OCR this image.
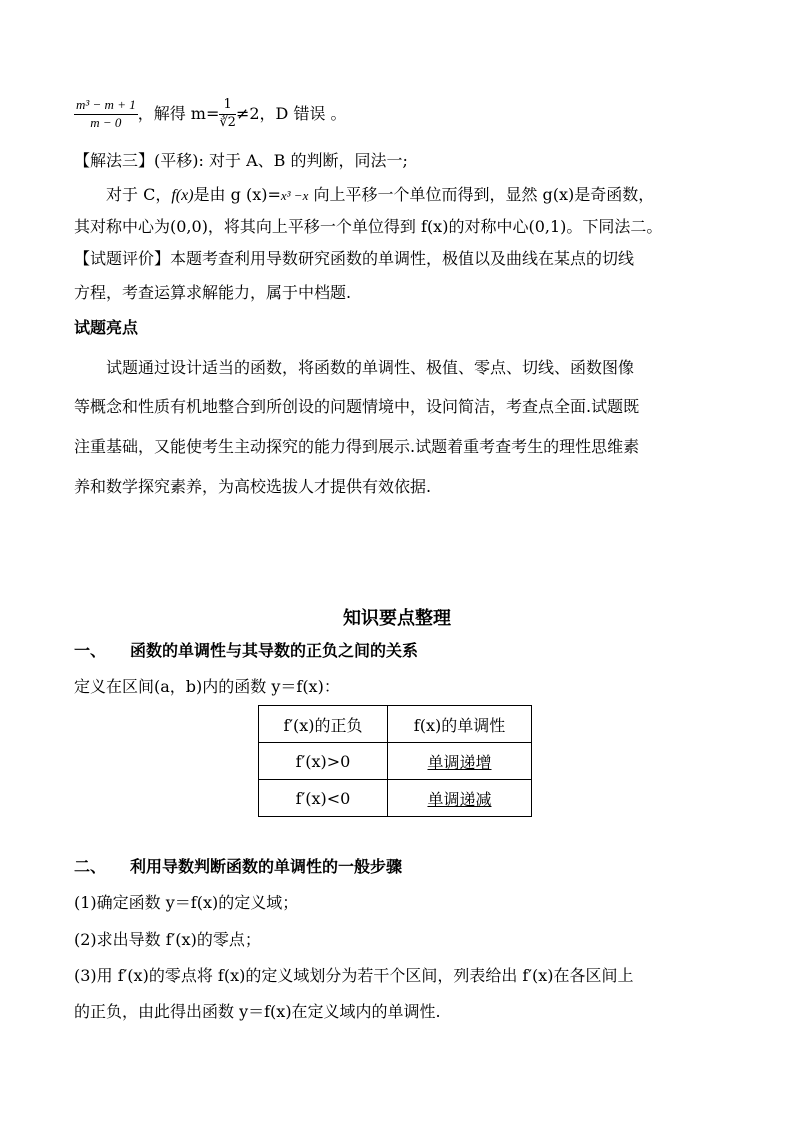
$\frac{\text{m³ − m + 1}}{m - 0}$ ，解得 $m= \frac{1}{∛2} \ne 2$，D 错误 。
【解法三】(平移): 对于 A、B 的判断，同法一;
对于 C，f(x)是由 g (x)=x³ −x 向上平移一个单位而得到，显然 g(x)是奇函数，
其对称中心为(0,0)，将其向上平移一个单位得到 f(x)的对称中心(0,1)。下同法二。
【试题评价】本题考查利用导数研究函数的单调性，极值以及曲线在某点的切线
方程，考查运算求解能力，属于中档题.
试题亮点
试题通过设计适当的函数，将函数的单调性、极值、零点、切线、函数图像
等概念和性质有机地整合到所创设的问题情境中，设问简洁，考查点全面.试题既
注重基础，又能使考生主动探究的能力得到展示.试题着重考查考生的理性思维素
养和数学探究素养，为高校选拔人才提供有效依据.
知识要点整理
一、 函数的单调性与其导数的正负之间的关系
定义在区间(a，b)内的函数 y＝f(x)：
f′(x)的正负	f(x)的单调性
f′(x)>0	单调递增
f′(x)<0	单调递减
二、 利用导数判断函数的单调性的一般步骤
(1)确定函数 y＝f(x)的定义域；
(2)求出导数 f′(x)的零点；
(3)用 f′(x)的零点将 f(x)的定义域划分为若干个区间，列表给出 f′(x)在各区间上
的正负，由此得出函数 y＝f(x)在定义域内的单调性.
